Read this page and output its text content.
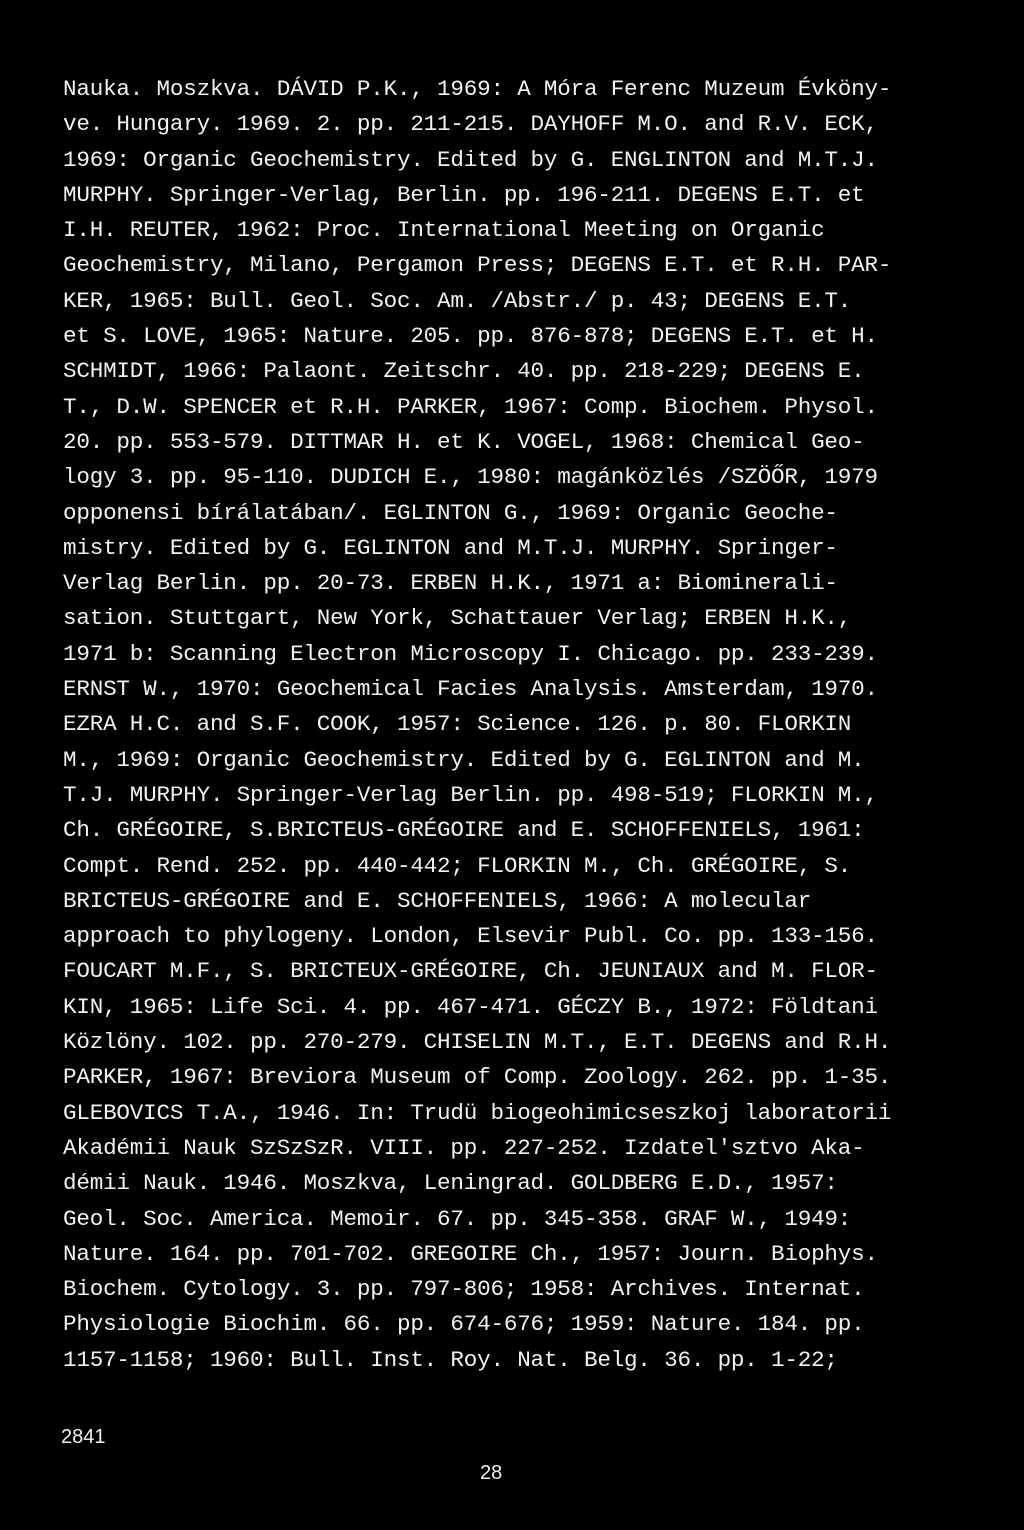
Nauka. Moszkva. DÁVID P.K., 1969: A Móra Ferenc Muzeum Évköny-
ve. Hungary. 1969. 2. pp. 211-215. DAYHOFF M.O. and R.V. ECK,
1969: Organic Geochemistry. Edited by G. ENGLINTON and M.T.J.
MURPHY. Springer-Verlag, Berlin. pp. 196-211. DEGENS E.T. et
I.H. REUTER, 1962: Proc. International Meeting on Organic
Geochemistry, Milano, Pergamon Press; DEGENS E.T. et R.H. PAR-
KER, 1965: Bull. Geol. Soc. Am. /Abstr./ p. 43; DEGENS E.T.
et S. LOVE, 1965: Nature. 205. pp. 876-878; DEGENS E.T. et H.
SCHMIDT, 1966: Palaont. Zeitschr. 40. pp. 218-229; DEGENS E.
T., D.W. SPENCER et R.H. PARKER, 1967: Comp. Biochem. Physol.
20. pp. 553-579. DITTMAR H. et K. VOGEL, 1968: Chemical Geo-
logy 3. pp. 95-110. DUDICH E., 1980: magánközlés /SZÖŐR, 1979
opponensi bírálatában/. EGLINTON G., 1969: Organic Geoche-
mistry. Edited by G. EGLINTON and M.T.J. MURPHY. Springer-
Verlag Berlin. pp. 20-73. ERBEN H.K., 1971 a: Biominerali-
sation. Stuttgart, New York, Schattauer Verlag; ERBEN H.K.,
1971 b: Scanning Electron Microscopy I. Chicago. pp. 233-239.
ERNST W., 1970: Geochemical Facies Analysis. Amsterdam, 1970.
EZRA H.C. and S.F. COOK, 1957: Science. 126. p. 80. FLORKIN
M., 1969: Organic Geochemistry. Edited by G. EGLINTON and M.
T.J. MURPHY. Springer-Verlag Berlin. pp. 498-519; FLORKIN M.,
Ch. GRÉGOIRE, S.BRICTEUS-GRÉGOIRE and E. SCHOFFENIELS, 1961:
Compt. Rend. 252. pp. 440-442; FLORKIN M., Ch. GRÉGOIRE, S.
BRICTEUS-GRÉGOIRE and E. SCHOFFENIELS, 1966: A molecular
approach to phylogeny. London, Elsevir Publ. Co. pp. 133-156.
FOUCART M.F., S. BRICTEUX-GRÉGOIRE, Ch. JEUNIAUX and M. FLOR-
KIN, 1965: Life Sci. 4. pp. 467-471. GÉCZY B., 1972: Földtani
Közlöny. 102. pp. 270-279. CHISELIN M.T., E.T. DEGENS and R.H.
PARKER, 1967: Breviora Museum of Comp. Zoology. 262. pp. 1-35.
GLEBOVICS T.A., 1946. In: Trudü biogeohimicseszkoj laboratorii
Akadémii Nauk SzSzSzR. VIII. pp. 227-252. Izdatel'sztvo Aka-
démii Nauk. 1946. Moszkva, Leningrad. GOLDBERG E.D., 1957:
Geol. Soc. America. Memoir. 67. pp. 345-358. GRAF W., 1949:
Nature. 164. pp. 701-702. GREGOIRE Ch., 1957: Journ. Biophys.
Biochem. Cytology. 3. pp. 797-806; 1958: Archives. Internat.
Physiologie Biochim. 66. pp. 674-676; 1959: Nature. 184. pp.
1157-1158; 1960: Bull. Inst. Roy. Nat. Belg. 36. pp. 1-22;
2841
28
